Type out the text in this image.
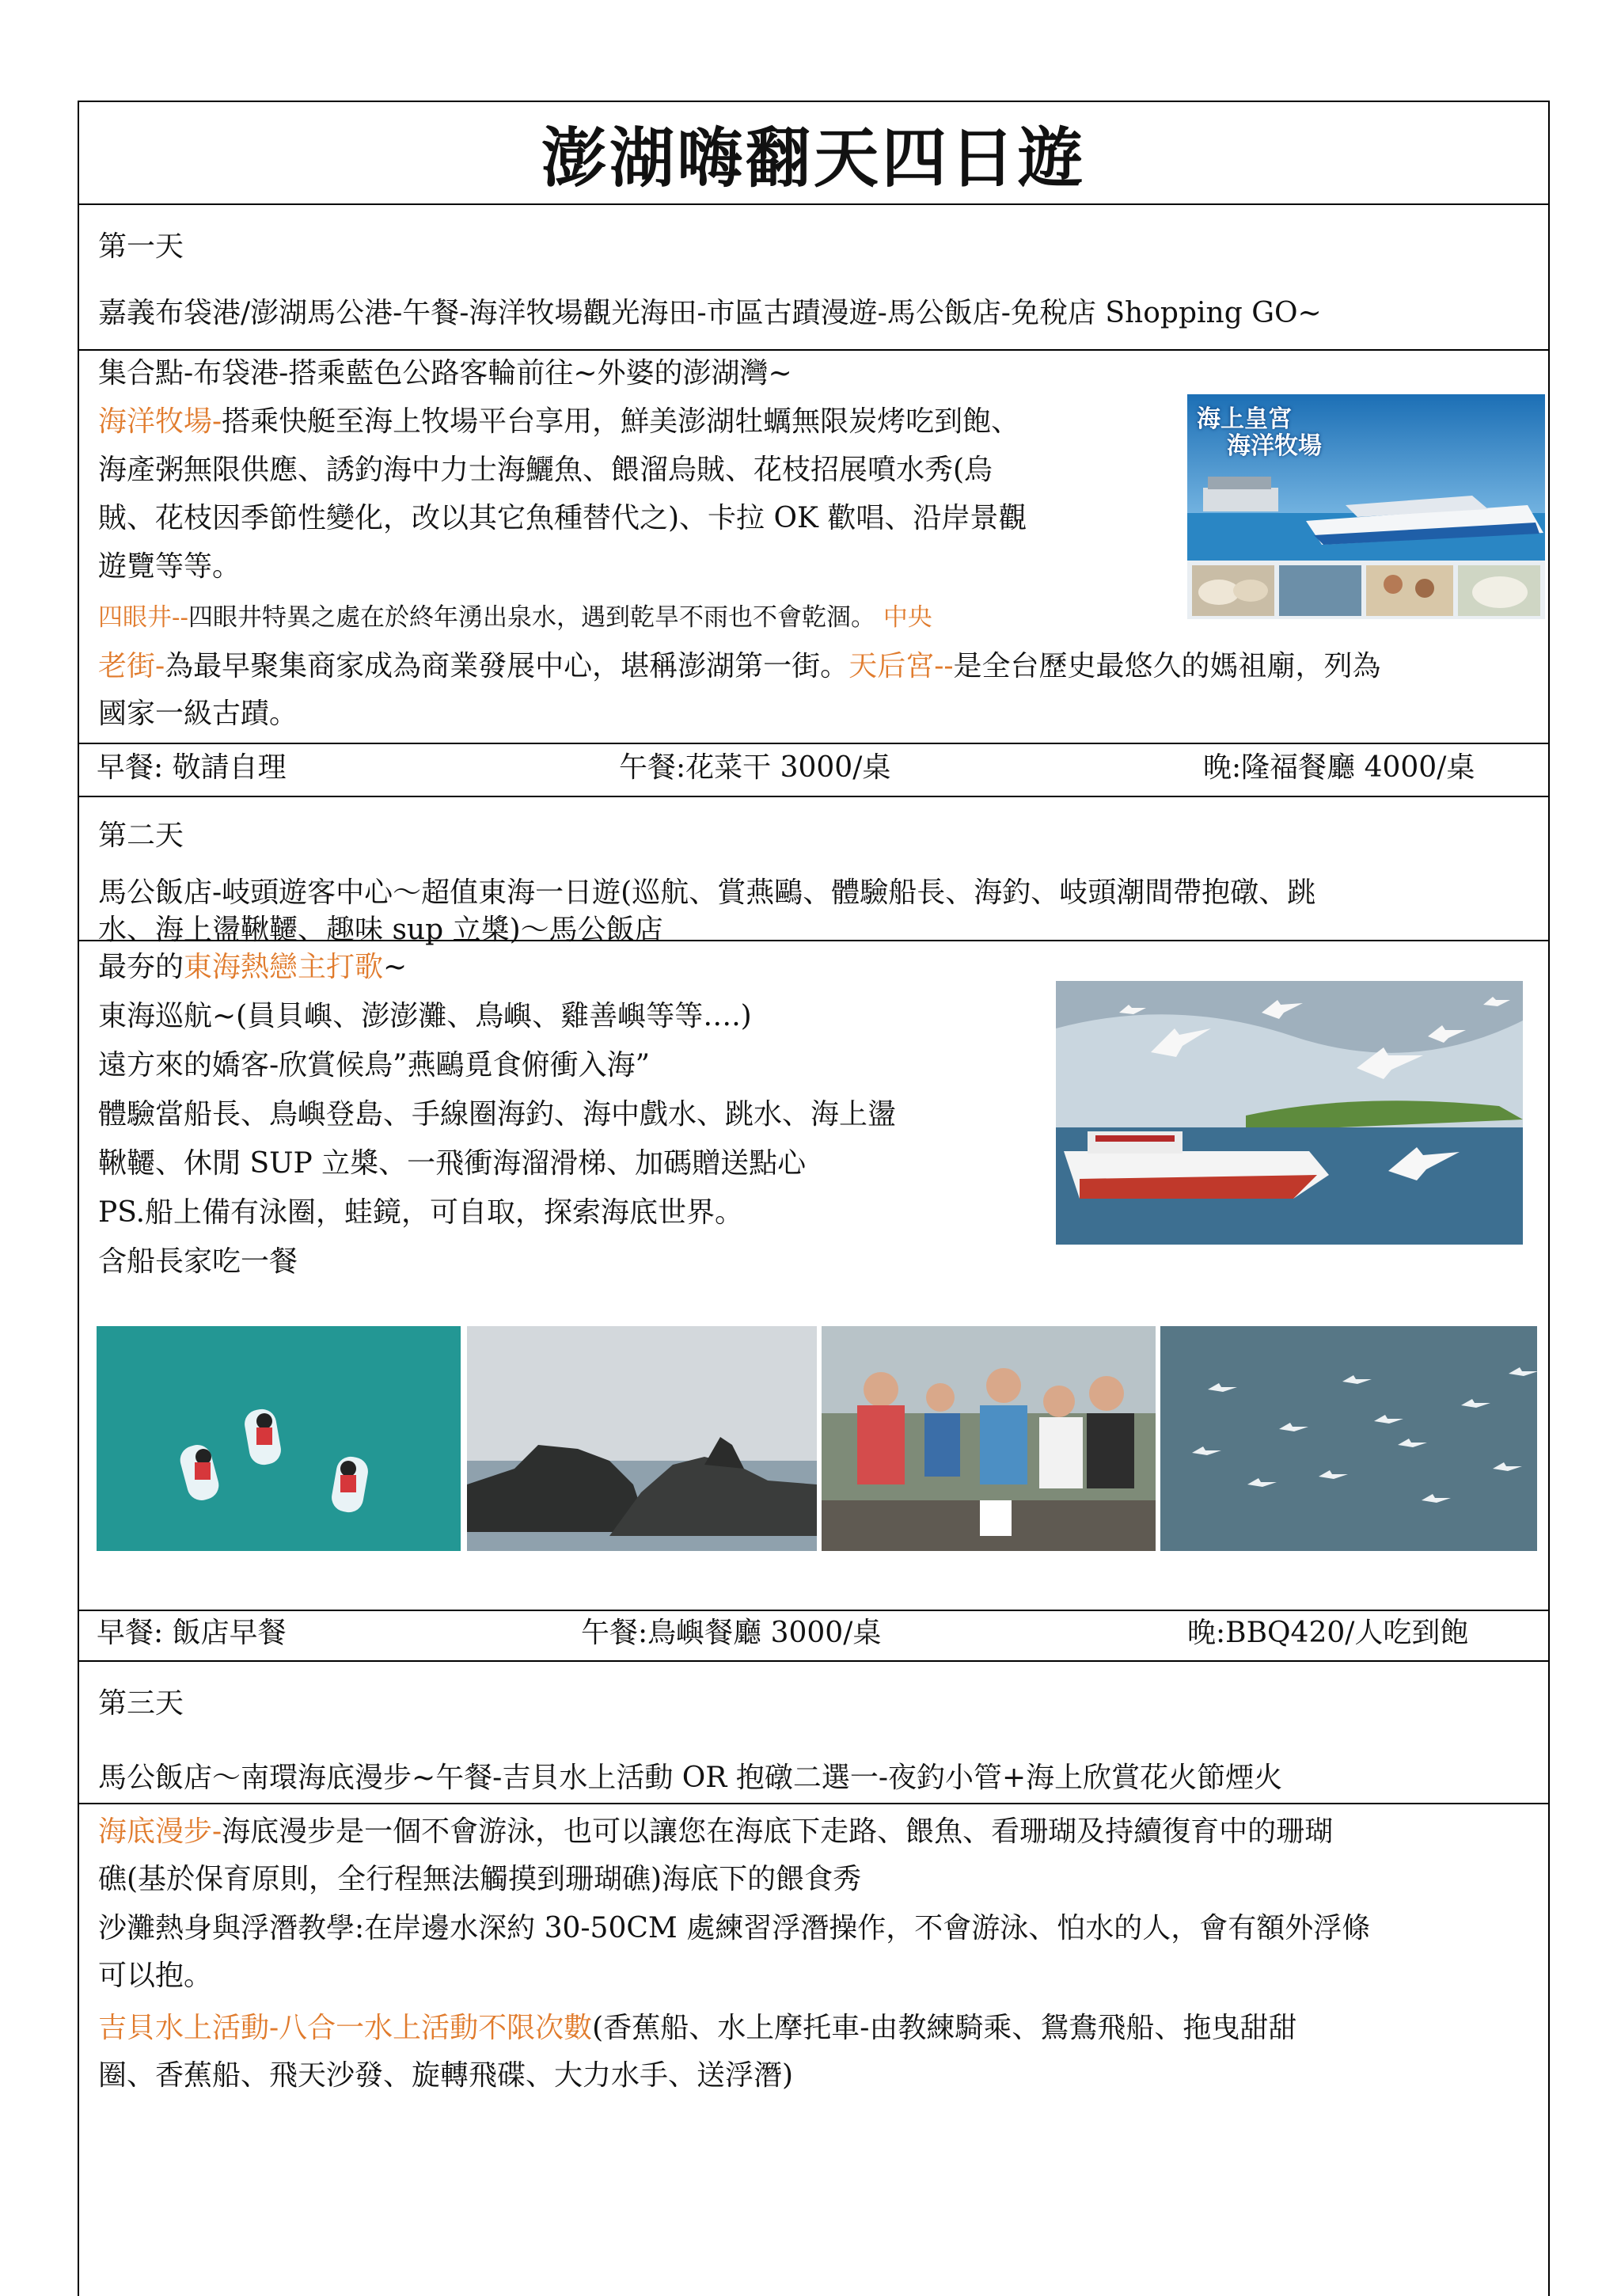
澎湖嗨翻天四日遊
第一天
嘉義布袋港/澎湖馬公港-午餐-海洋牧場觀光海田-市區古蹟漫遊-馬公飯店-免稅店 Shopping GO~
集合點-布袋港-搭乘藍色公路客輪前往~外婆的澎湖灣~
海洋牧場-搭乘快艇至海上牧場平台享用，鮮美澎湖牡蠣無限炭烤吃到飽、
海產粥無限供應、誘釣海中力士海鱺魚、餵溜烏賊、花枝招展噴水秀(烏
賊、花枝因季節性變化，改以其它魚種替代之)、卡拉 OK 歡唱、沿岸景觀
遊覽等等。
四眼井--四眼井特異之處在於終年湧出泉水，遇到乾旱不雨也不會乾涸。 中央
老街-為最早聚集商家成為商業發展中心，堪稱澎湖第一街。天后宮--是全台歷史最悠久的媽祖廟，列為
國家一級古蹟。
海上皇宮
海洋牧場
早餐: 敬請自理	午餐:花菜干 3000/桌	晚:隆福餐廳 4000/桌
第二天
馬公飯店-岐頭遊客中心～超值東海一日遊(巡航、賞燕鷗、體驗船長、海釣、岐頭潮間帶抱礅、跳
水、海上盪鞦韆、趣味 sup 立槳)～馬公飯店
最夯的東海熱戀主打歌~
東海巡航~(員貝嶼、澎澎灘、鳥嶼、雞善嶼等等….)
遠方來的嬌客-欣賞候鳥”燕鷗覓食俯衝入海”
體驗當船長、鳥嶼登島、手線圈海釣、海中戲水、跳水、海上盪
鞦韆、休閒 SUP 立槳、一飛衝海溜滑梯、加碼贈送點心
PS.船上備有泳圈，蛙鏡，可自取，探索海底世界。
含船長家吃一餐
早餐: 飯店早餐	午餐:鳥嶼餐廳 3000/桌	晚:BBQ420/人吃到飽
第三天
馬公飯店～南環海底漫步~午餐-吉貝水上活動 OR 抱礅二選一-夜釣小管+海上欣賞花火節煙火
海底漫步-海底漫步是一個不會游泳，也可以讓您在海底下走路、餵魚、看珊瑚及持續復育中的珊瑚
礁(基於保育原則，全行程無法觸摸到珊瑚礁)海底下的餵食秀
沙灘熱身與浮潛教學:在岸邊水深約 30-50CM 處練習浮潛操作，不會游泳、怕水的人，會有額外浮條
可以抱。
吉貝水上活動-八合一水上活動不限次數(香蕉船、水上摩托車-由教練騎乘、鴛鴦飛船、拖曳甜甜
圈、香蕉船、飛天沙發、旋轉飛碟、大力水手、送浮潛)
